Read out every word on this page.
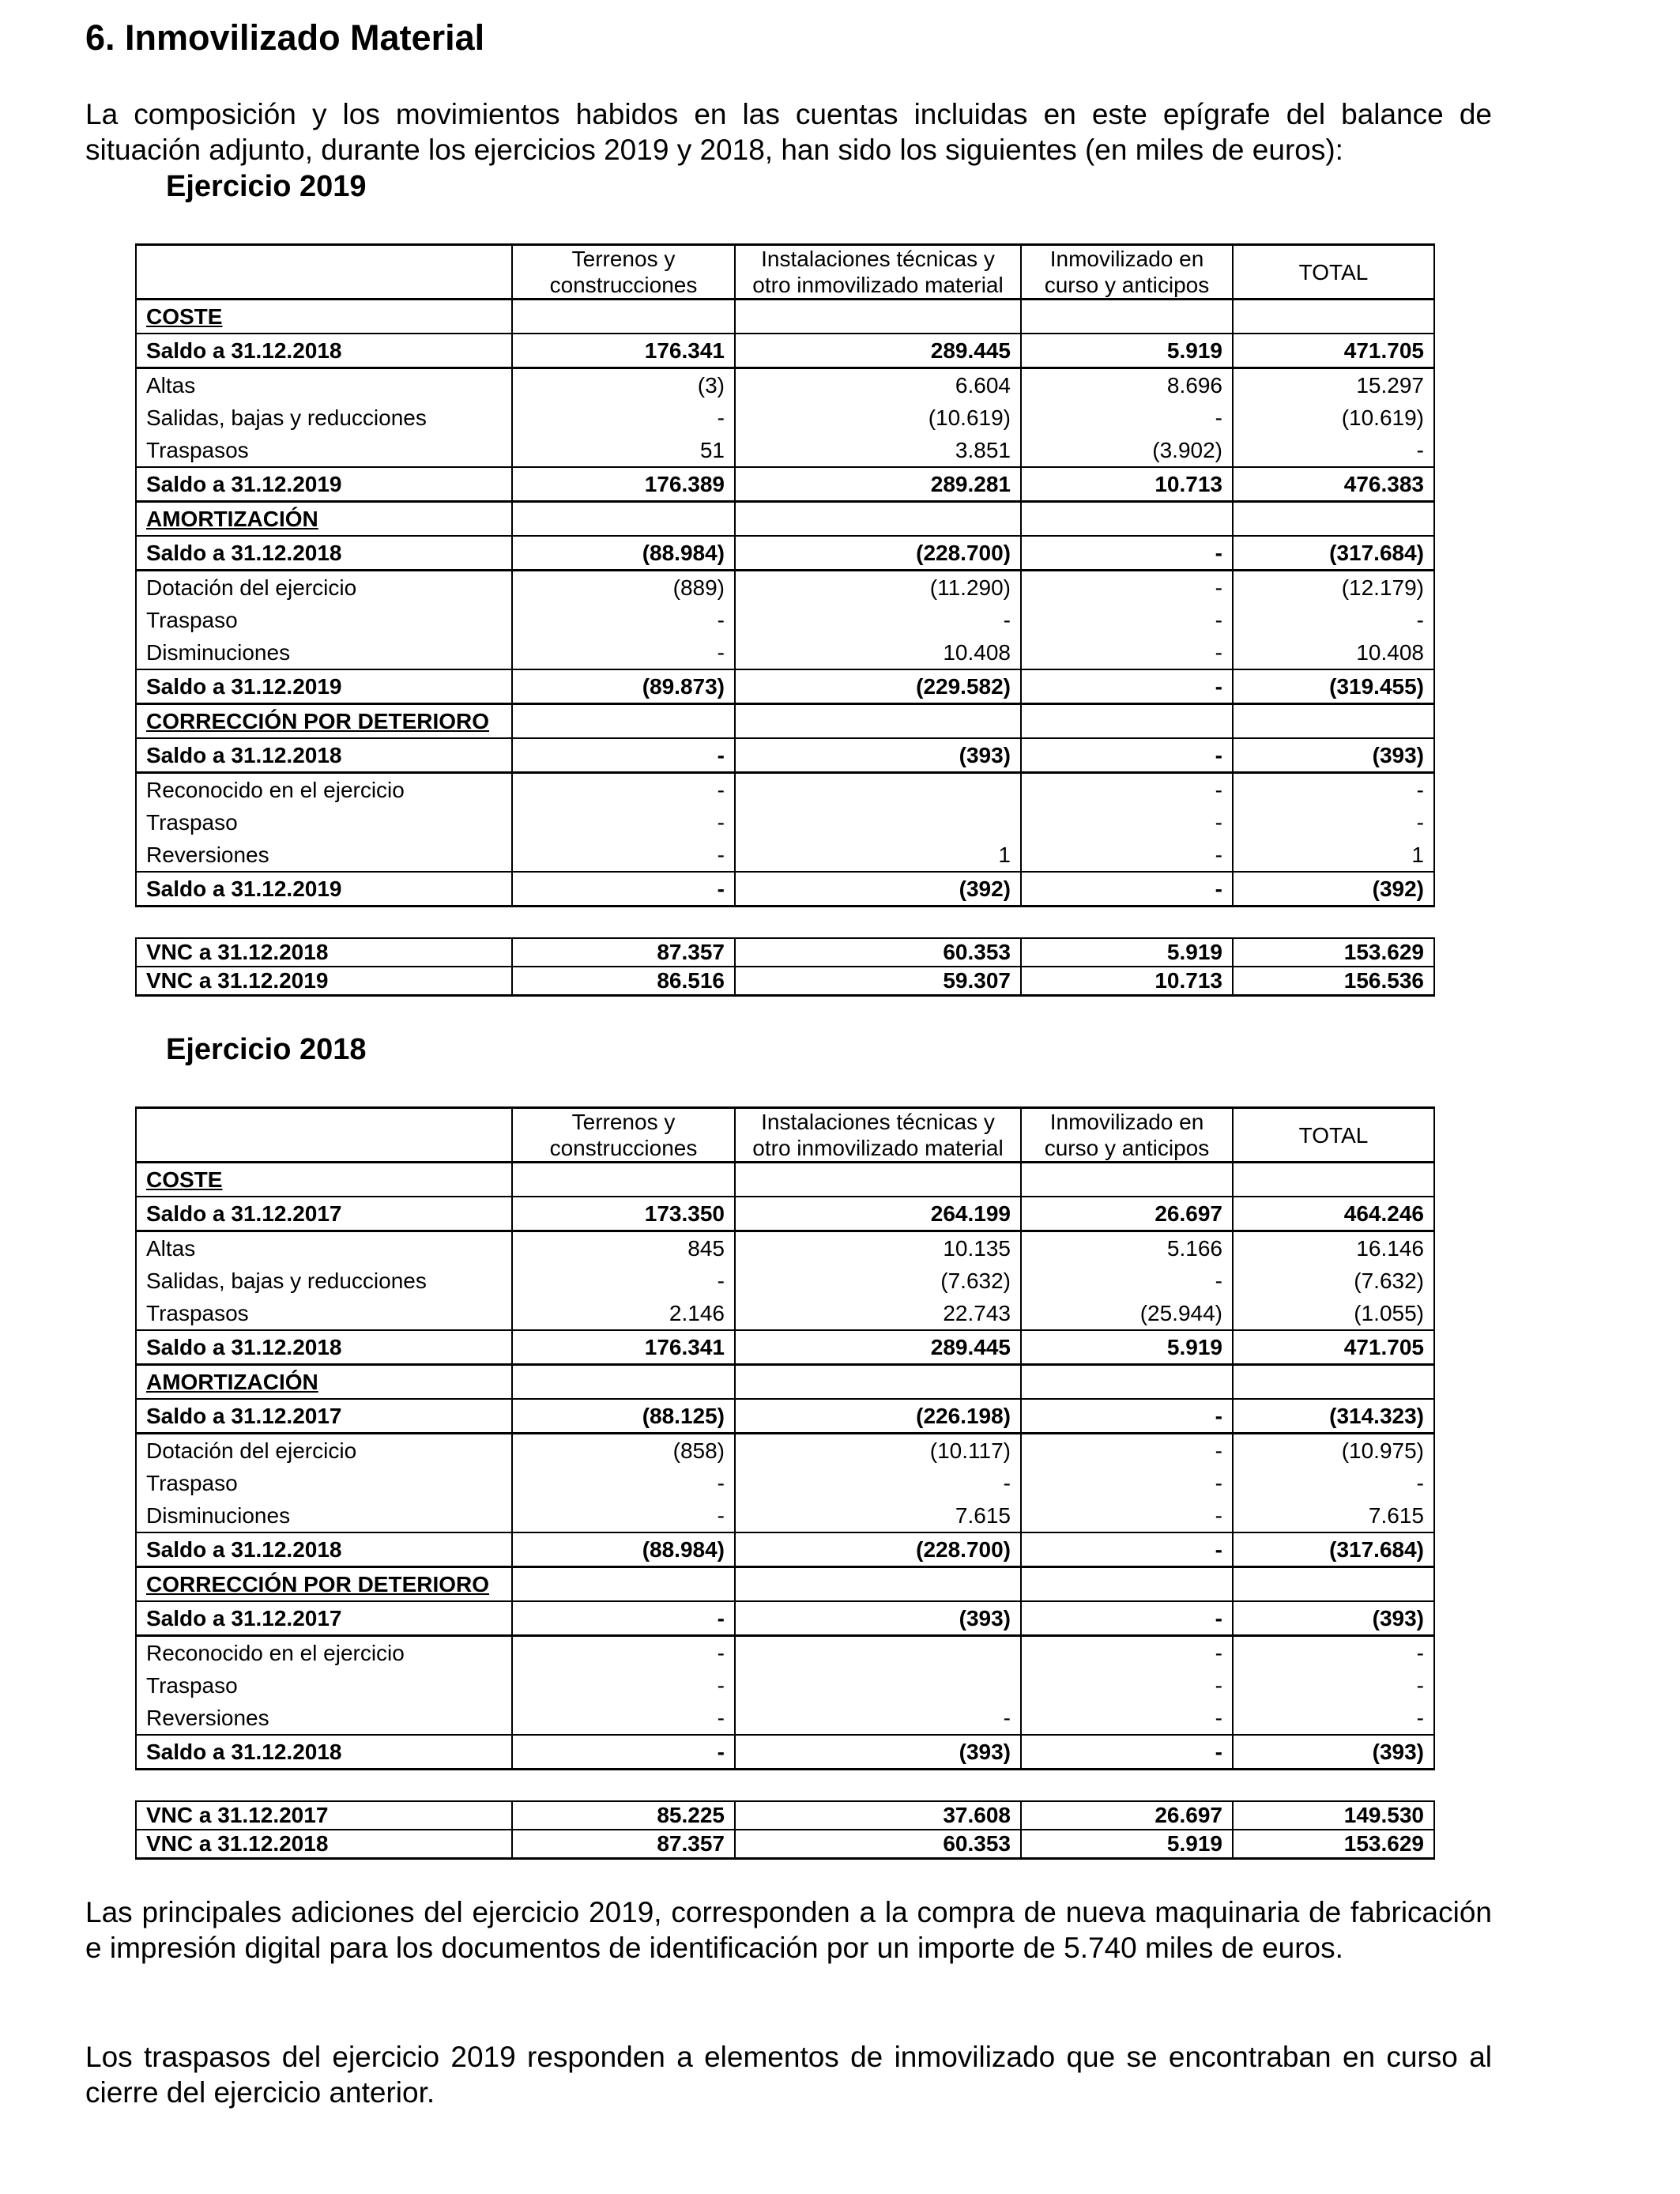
6. Inmovilizado Material
La composición y los movimientos habidos en las cuentas incluidas en este epígrafe del balance de situación adjunto, durante los ejercicios 2019 y 2018, han sido los siguientes (en miles de euros):
Ejercicio 2019
	Terrenos y construcciones	Instalaciones técnicas y otro inmovilizado material	Inmovilizado en curso y anticipos	TOTAL
COSTE				
Saldo a 31.12.2018	176.341	289.445	5.919	471.705
Altas	(3)	6.604	8.696	15.297
Salidas, bajas y reducciones	-	(10.619)	-	(10.619)
Traspasos	51	3.851	(3.902)	-
Saldo a 31.12.2019	176.389	289.281	10.713	476.383
AMORTIZACIÓN				
Saldo a 31.12.2018	(88.984)	(228.700)	-	(317.684)
Dotación del ejercicio	(889)	(11.290)	-	(12.179)
Traspaso	-	-	-	-
Disminuciones	-	10.408	-	10.408
Saldo a 31.12.2019	(89.873)	(229.582)	-	(319.455)
CORRECCIÓN POR DETERIORO				
Saldo a 31.12.2018	-	(393)	-	(393)
Reconocido en el ejercicio	-		-	-
Traspaso	-		-	-
Reversiones	-	1	-	1
Saldo a 31.12.2019	-	(392)	-	(392)
VNC a 31.12.2018	87.357	60.353	5.919	153.629
VNC a 31.12.2019	86.516	59.307	10.713	156.536
Ejercicio 2018
	Terrenos y construcciones	Instalaciones técnicas y otro inmovilizado material	Inmovilizado en curso y anticipos	TOTAL
COSTE				
Saldo a 31.12.2017	173.350	264.199	26.697	464.246
Altas	845	10.135	5.166	16.146
Salidas, bajas y reducciones	-	(7.632)	-	(7.632)
Traspasos	2.146	22.743	(25.944)	(1.055)
Saldo a 31.12.2018	176.341	289.445	5.919	471.705
AMORTIZACIÓN				
Saldo a 31.12.2017	(88.125)	(226.198)	-	(314.323)
Dotación del ejercicio	(858)	(10.117)	-	(10.975)
Traspaso	-	-	-	-
Disminuciones	-	7.615	-	7.615
Saldo a 31.12.2018	(88.984)	(228.700)	-	(317.684)
CORRECCIÓN POR DETERIORO				
Saldo a 31.12.2017	-	(393)	-	(393)
Reconocido en el ejercicio	-		-	-
Traspaso	-		-	-
Reversiones	-	-	-	-
Saldo a 31.12.2018	-	(393)	-	(393)
VNC a 31.12.2017	85.225	37.608	26.697	149.530
VNC a 31.12.2018	87.357	60.353	5.919	153.629
Las principales adiciones del ejercicio 2019, corresponden a la compra de nueva maquinaria de fabricación e impresión digital para los documentos de identificación por un importe de 5.740 miles de euros.
Los traspasos del ejercicio 2019 responden a elementos de inmovilizado que se encontraban en curso al cierre del ejercicio anterior.
